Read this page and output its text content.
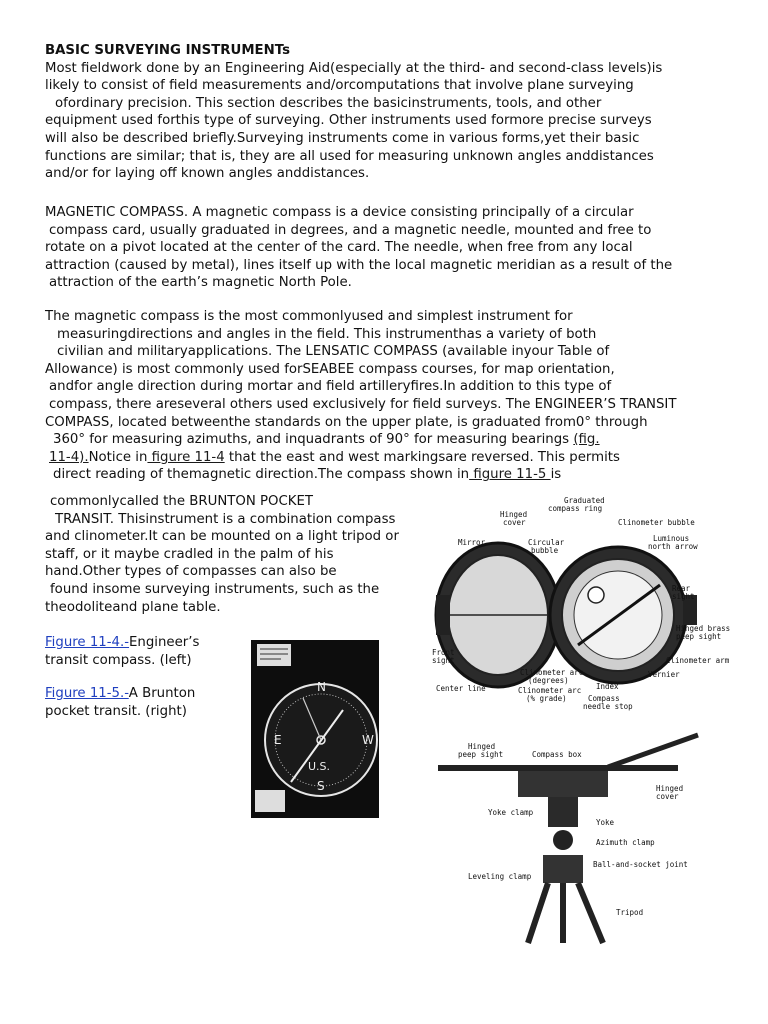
BASIC SURVEYING INSTRUMENTs

Most fieldwork done by an Engineering Aid(especially at the third- and second-class levels)is

likely to consist of field measurements and/orcomputations that involve plane surveying

ofordinary precision. This section describes the basicinstruments, tools, and other

equipment used forthis type of surveying. Other instruments used formore precise surveys

will also be described briefly.Surveying instruments come in various forms,yet their basic

functions are similar; that is, they are all used for measuring unknown angles anddistances

and/or for laying off known angles anddistances.

MAGNETIC COMPASS. A magnetic compass is a device consisting principally of a circular

compass card, usually graduated in degrees, and a magnetic needle, mounted and free to

rotate on a pivot located at the center of the card. The needle, when free from any local

attraction (caused by metal), lines itself up with the local magnetic meridian as a result of the

attraction of the earth’s magnetic North Pole.

The magnetic compass is the most commonlyused and simplest instrument for

measuringdirections and angles in the field. This instrumenthas a variety of both

civilian and militaryapplications. The LENSATIC COMPASS (available inyour Table of

Allowance) is most commonly used forSEABEE compass courses, for map orientation,

andfor angle direction during mortar and field artilleryfires.In addition to this type of

compass, there areseveral others used exclusively for field surveys. The ENGINEER’S TRANSIT

COMPASS, located betweenthe standards on the upper plate, is graduated from0° through

360° for measuring azimuths, and inquadrants of 90° for measuring bearings (fig.

11-4).Notice in figure 11-4 that the east and west markingsare reversed. This permits

direct reading of themagnetic direction.The compass shown in figure 11-5 is

commonlycalled the BRUNTON POCKET

TRANSIT. Thisinstrument is a combination compass

and clinometer.It can be mounted on a light tripod or

staff, or it maybe cradled in the palm of his

hand.Other types of compasses can also be

found insome surveying instruments, such as the

theodoliteand plane table.

Figure 11-4.-Engineer’s

transit compass. (left)

Figure 11-5.-A Brunton

pocket transit. (right)

N
E	W
U.S.
S
Graduated
compass ring
Hinged
cover	Clinometer bubble
Mirror	Circular
bubble
Luminous
north arrow
Rear
sight
Front
sight
Hinged brass
peep sight
Clinometer arm
Clinometer arc
(degrees)
Vernier
Center line	Clinometer arc
(% grade)
Index
Compass
needle stop
Hinged
peep sight	Compass box
Hinged
cover
Yoke clamp
Yoke
Azimuth clamp
Ball-and-socket joint
Leveling clamp
Tripod
